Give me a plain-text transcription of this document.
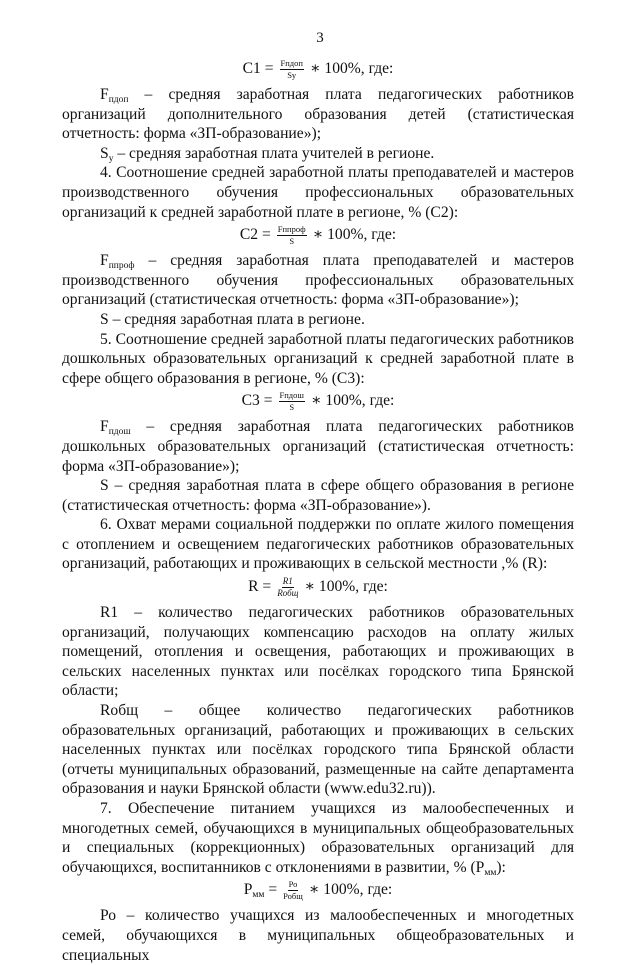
3
$С1 = \frac{\text{Fпдоп}}{Sу}$ ∗ 100%, где:

$F_{пдоп}$ – средняя заработная плата педагогических работников организаций дополнительного образования детей (статистическая отчетность: форма «ЗП-образование»);

$S_у$ – средняя заработная плата учителей в регионе.

4. Соотношение средней заработной платы преподавателей и мастеров производственного обучения профессиональных образовательных организаций к средней заработной плате в регионе, % (С2):

$С2 = \frac{\text{Fппроф}}{S}$ ∗ 100%, где:

$F_{ппроф}$ – средняя заработная плата преподавателей и мастеров производственного обучения профессиональных образовательных организаций (статистическая отчетность: форма «ЗП-образование»);

S – средняя заработная плата в регионе.

5. Соотношение средней заработной платы педагогических работников дошкольных образовательных организаций к средней заработной плате в сфере общего образования в регионе, % (С3):

$С3 = \frac{\text{Fпдош}}{S}$ ∗ 100%, где:

$F_{пдош}$ – средняя заработная плата педагогических работников дошкольных образовательных организаций (статистическая отчетность: форма «ЗП-образование»);

S – средняя заработная плата в сфере общего образования в регионе (статистическая отчетность: форма «ЗП-образование»).

6. Охват мерами социальной поддержки по оплате жилого помещения с отоплением и освещением педагогических работников образовательных организаций, работающих и проживающих в сельской местности ,% (R):

$R = \frac{R1}{\text{Rобщ}}$ ∗ 100%, где:

R1 – количество педагогических работников образовательных организаций, получающих компенсацию расходов на оплату жилых помещений, отопления и освещения, работающих и проживающих в сельских населенных пунктах или посёлках городского типа Брянской области;

Rобщ – общее количество педагогических работников образовательных организаций, работающих и проживающих в сельских населенных пунктах или посёлках городского типа Брянской области (отчеты муниципальных образований, размещенные на сайте департамента образования и науки Брянской области (www.edu32.ru)).

7. Обеспечение питанием учащихся из малообеспеченных и многодетных семей, обучающихся в муниципальных общеобразовательных и специальных (коррекционных) образовательных организаций для обучающихся, воспитанников с отклонениями в развитии, % $(Р_{мм})$:

$Р_{мм} = \frac{Ро}{\text{Робщ}}$ ∗ 100%, где:

Ро – количество учащихся из малообеспеченных и многодетных семей, обучающихся в муниципальных общеобразовательных и специальных
